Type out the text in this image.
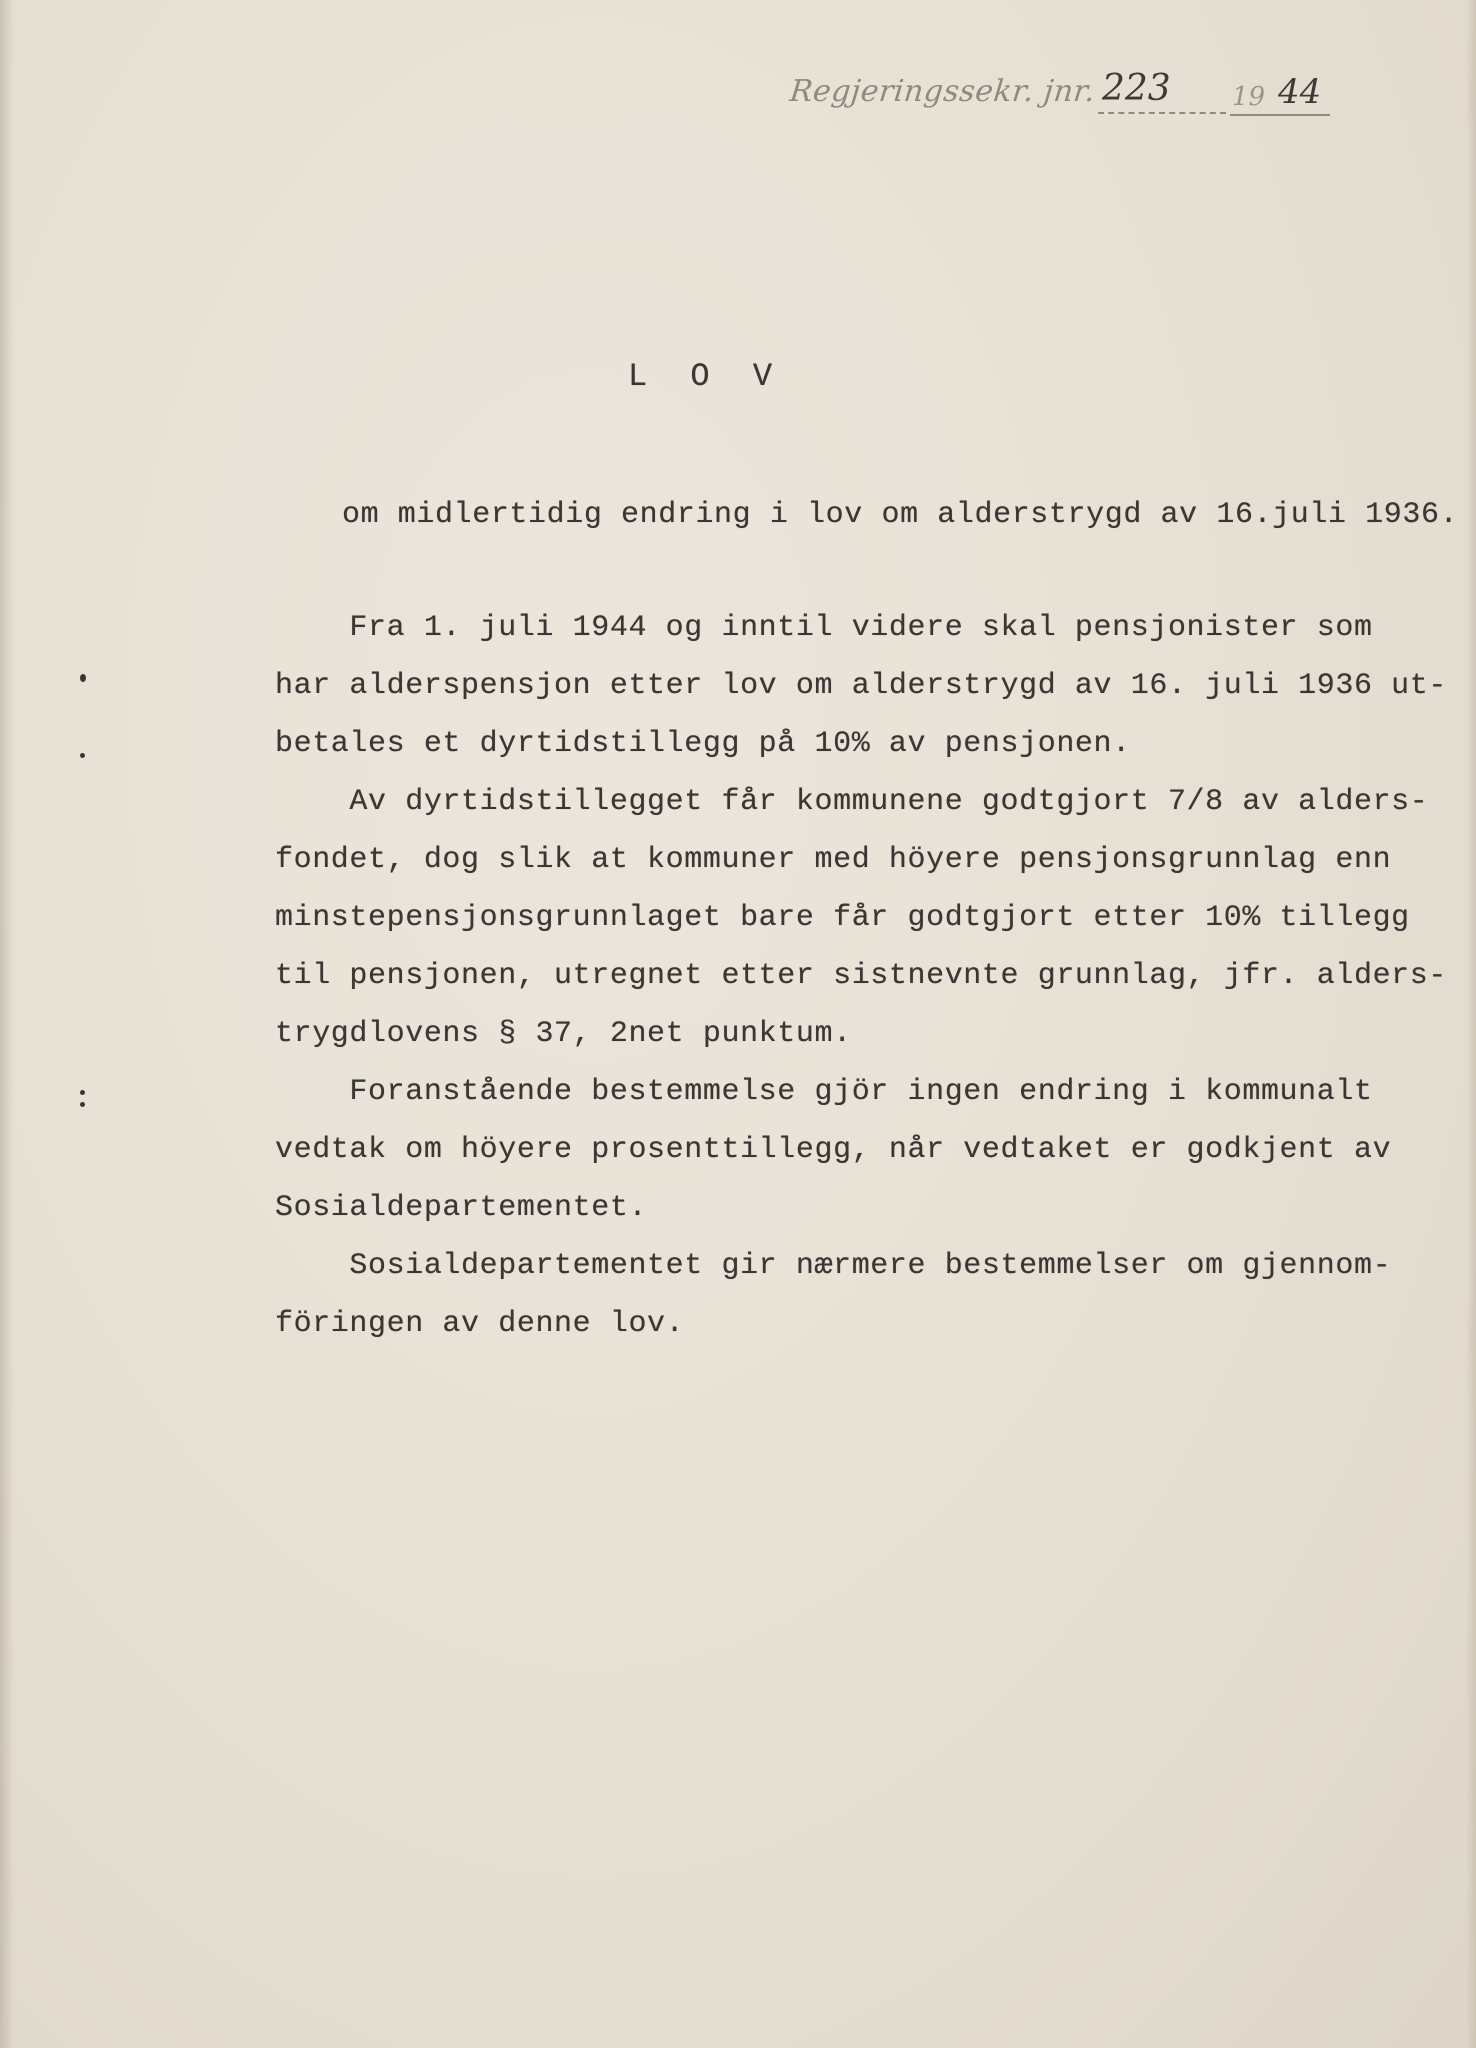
Regjeringssekr. jnr. 223 19 44
L O V
om midlertidig endring i lov om alderstrygd av 16.juli 1936.
Fra 1. juli 1944 og inntil videre skal pensjonister som
har alderspensjon etter lov om alderstrygd av 16. juli 1936 ut-
betales et dyrtidstillegg på 10% av pensjonen.
Av dyrtidstillegget får kommunene godtgjort 7/8 av alders-
fondet, dog slik at kommuner med höyere pensjonsgrunnlag enn
minstepensjonsgrunnlaget bare får godtgjort etter 10% tillegg
til pensjonen, utregnet etter sistnevnte grunnlag, jfr. alders-
trygdlovens § 37, 2net punktum.
Foranstående bestemmelse gjör ingen endring i kommunalt
vedtak om höyere prosenttillegg, når vedtaket er godkjent av
Sosialdepartementet.
Sosialdepartementet gir nærmere bestemmelser om gjennom-
föringen av denne lov.
